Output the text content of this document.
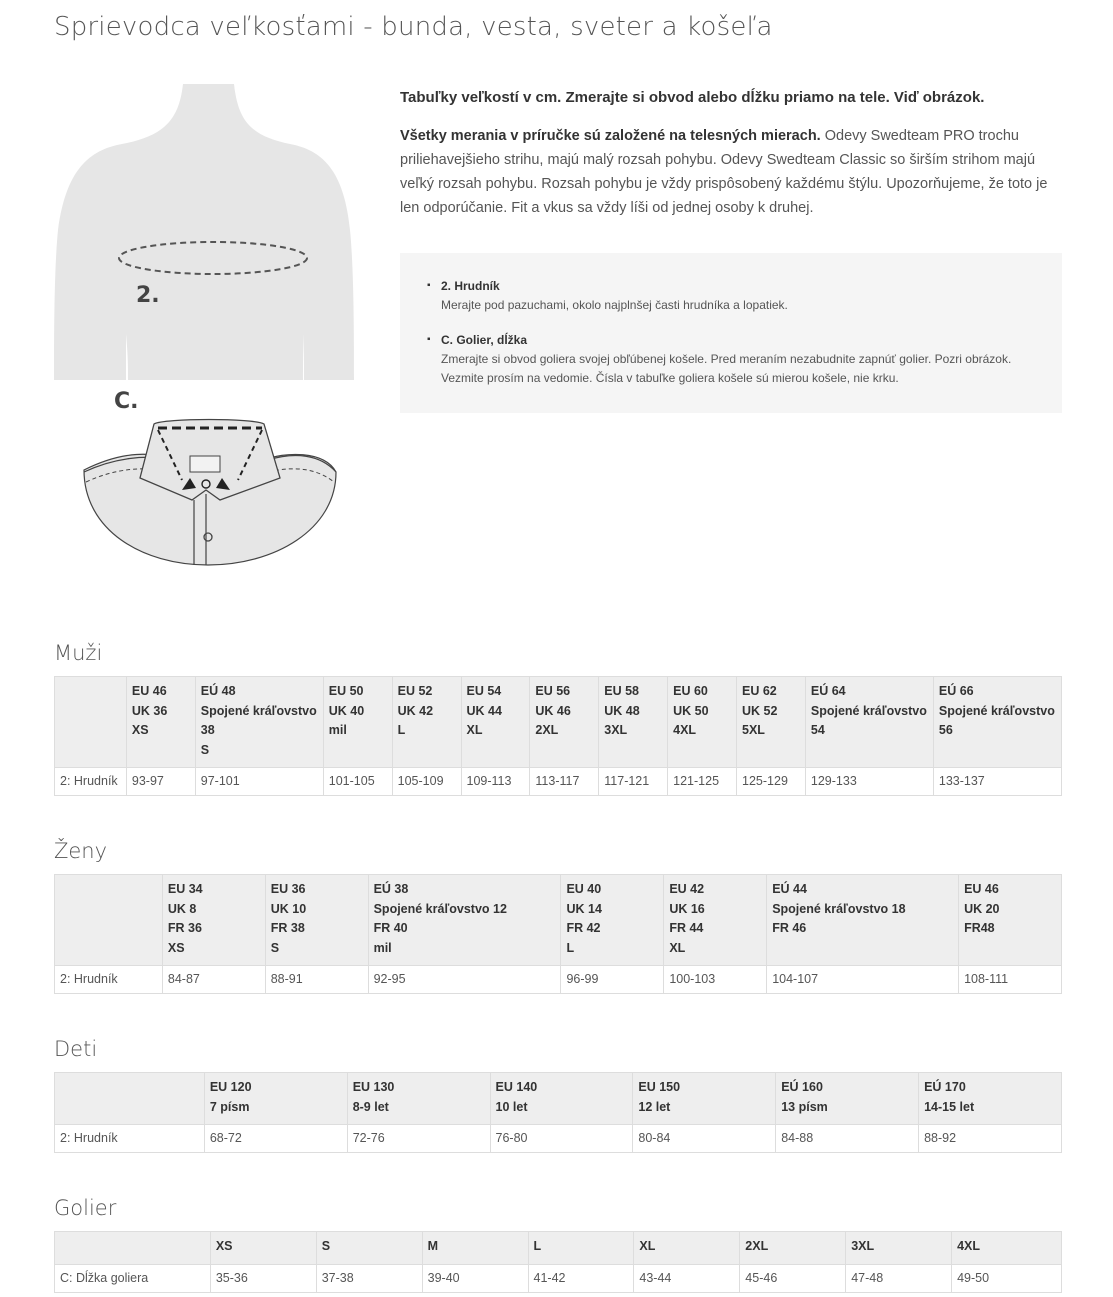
Sprievodca veľkosťami - bunda, vesta, sveter a košeľa
2.
C.

Tabuľky veľkostí v cm. Zmerajte si obvod alebo dĺžku priamo na tele. Viď obrázok.

Všetky merania v príručke sú založené na telesných mierach. Odevy Swedteam PRO trochu priliehavejšieho strihu, majú malý rozsah pohybu. Odevy Swedteam Classic so širším strihom majú veľký rozsah pohybu. Rozsah pohybu je vždy prispôsobený každému štýlu. Upozorňujeme, že toto je len odporúčanie. Fit a vkus sa vždy líši od jednej osoby k druhej.

▪ 2. Hrudník
Merajte pod pazuchami, okolo najplnšej časti hrudníka a lopatiek.
▪ C. Golier, dĺžka
Zmerajte si obvod goliera svojej obľúbenej košele. Pred meraním nezabudnite zapnúť golier. Pozri obrázok.
Vezmite prosím na vedomie. Čísla v tabuľke goliera košele sú mierou košele, nie krku.
Muži

	EU 46
UK 36
XS	EÚ 48
Spojené kráľovstvo
38
S	EU 50
UK 40
mil	EU 52
UK 42
L	EU 54
UK 44
XL	EU 56
UK 46
2XL	EU 58
UK 48
3XL	EU 60
UK 50
4XL	EU 62
UK 52
5XL	EÚ 64
Spojené kráľovstvo
54	EÚ 66
Spojené kráľovstvo
56

2: Hrudník	93-97	97-101	101-105	105-109	109-113	113-117	117-121	121-125	125-129	129-133	133-137
Ženy

	EU 34
UK 8
FR 36
XS	EU 36
UK 10
FR 38
S	EÚ 38
Spojené kráľovstvo 12
FR 40
mil	EU 40
UK 14
FR 42
L	EU 42
UK 16
FR 44
XL	EÚ 44
Spojené kráľovstvo 18
FR 46	EU 46
UK 20
FR48

2: Hrudník	84-87	88-91	92-95	96-99	100-103	104-107	108-111
Deti

	EU 120
7 písm	EU 130
8-9 let	EU 140
10 let	EU 150
12 let	EÚ 160
13 písm	EÚ 170
14-15 let

2: Hrudník	68-72	72-76	76-80	80-84	84-88	88-92
Golier

	XS	S	M	L	XL	2XL	3XL	4XL

C: Dĺžka goliera	35-36	37-38	39-40	41-42	43-44	45-46	47-48	49-50
